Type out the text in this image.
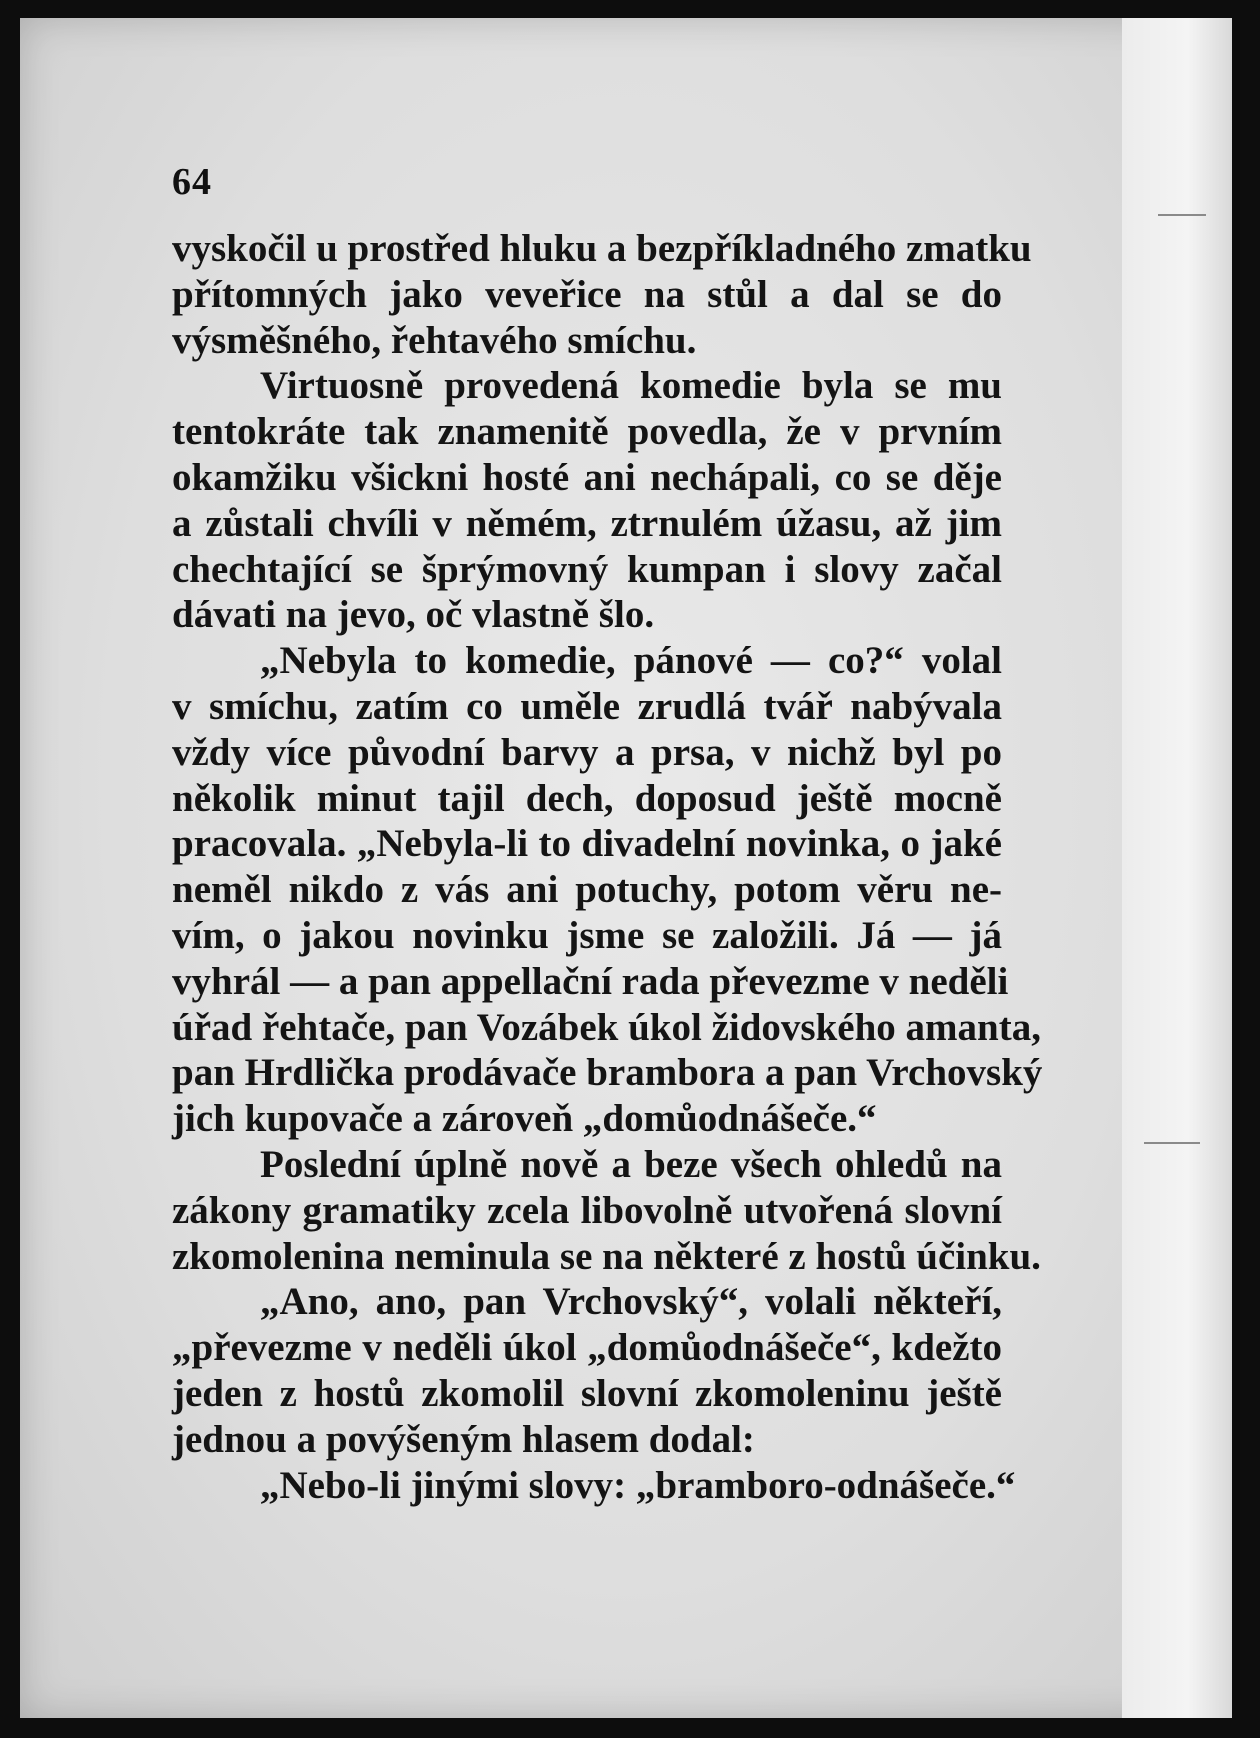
64
vyskočil u prostřed hluku a bezpříkladného zmatku
přítomných jako veveřice na stůl a dal se do
výsměšného, řehtavého smíchu.
Virtuosně provedená komedie byla se mu
tentokráte tak znamenitě povedla, že v prvním
okamžiku všickni hosté ani nechápali, co se děje
a zůstali chvíli v němém, ztrnulém úžasu, až jim
chechtající se šprýmovný kumpan i slovy začal
dávati na jevo, oč vlastně šlo.
„Nebyla to komedie, pánové — co?“ volal
v smíchu, zatím co uměle zrudlá tvář nabývala
vždy více původní barvy a prsa, v nichž byl po
několik minut tajil dech, doposud ještě mocně
pracovala. „Nebyla-li to divadelní novinka, o jaké
neměl nikdo z vás ani potuchy, potom věru ne-
vím, o jakou novinku jsme se založili. Já — já
vyhrál — a pan appellační rada převezme v neděli
úřad řehtače, pan Vozábek úkol židovského amanta,
pan Hrdlička prodávače brambora a pan Vrchovský
jich kupovače a zároveň „domůodnášeče.“
Poslední úplně nově a beze všech ohledů na
zákony gramatiky zcela libovolně utvořená slovní
zkomolenina neminula se na některé z hostů účinku.
„Ano, ano, pan Vrchovský“, volali někteří,
„převezme v neděli úkol „domůodnášeče“, kdežto
jeden z hostů zkomolil slovní zkomoleninu ještě
jednou a povýšeným hlasem dodal:
„Nebo-li jinými slovy: „bramboro-odnášeče.“
